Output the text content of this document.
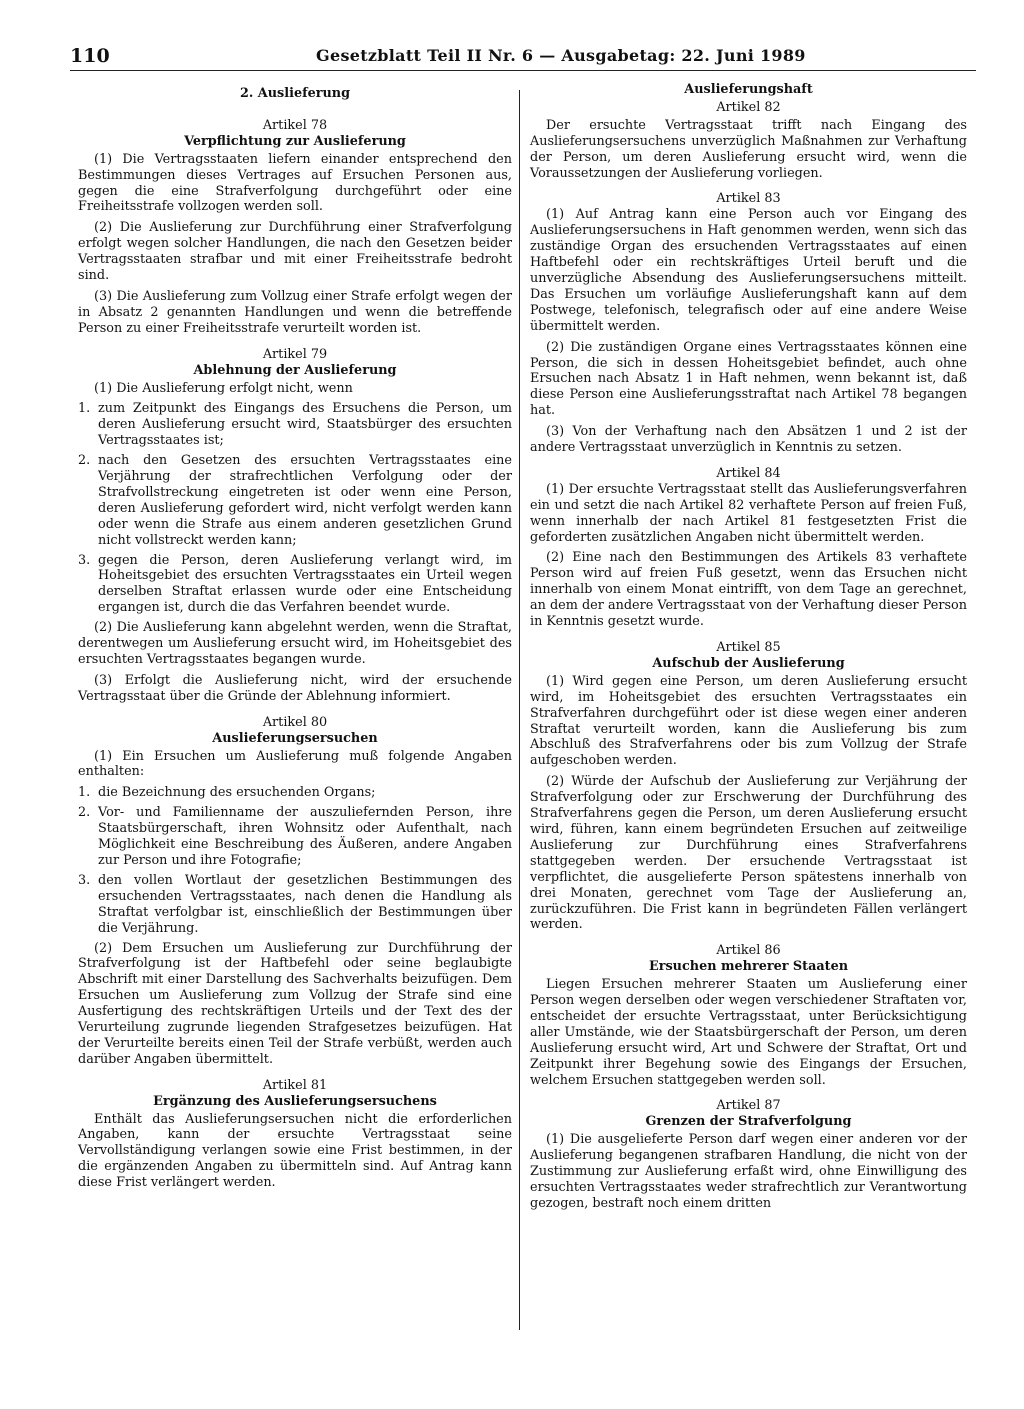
110	Gesetzblatt Teil II Nr. 6 — Ausgabetag: 22. Juni 1989

2. Auslieferung

Artikel 78

Verpflichtung zur Auslieferung

(1) Die Vertragsstaaten liefern einander entsprechend den Bestimmungen dieses Vertrages auf Ersuchen Personen aus, gegen die eine Strafverfolgung durchgeführt oder eine Freiheitsstrafe vollzogen werden soll.

(2) Die Auslieferung zur Durchführung einer Strafverfolgung erfolgt wegen solcher Handlungen, die nach den Gesetzen beider Vertragsstaaten strafbar und mit einer Freiheitsstrafe bedroht sind.

(3) Die Auslieferung zum Vollzug einer Strafe erfolgt wegen der in Absatz 2 genannten Handlungen und wenn die betreffende Person zu einer Freiheitsstrafe verurteilt worden ist.

Artikel 79

Ablehnung der Auslieferung

(1) Die Auslieferung erfolgt nicht, wenn

1. zum Zeitpunkt des Eingangs des Ersuchens die Person, um deren Auslieferung ersucht wird, Staatsbürger des ersuchten Vertragsstaates ist;
2. nach den Gesetzen des ersuchten Vertragsstaates eine Verjährung der strafrechtlichen Verfolgung oder der Strafvollstreckung eingetreten ist oder wenn eine Person, deren Auslieferung gefordert wird, nicht verfolgt werden kann oder wenn die Strafe aus einem anderen gesetzlichen Grund nicht vollstreckt werden kann;
3. gegen die Person, deren Auslieferung verlangt wird, im Hoheitsgebiet des ersuchten Vertragsstaates ein Urteil wegen derselben Straftat erlassen wurde oder eine Entscheidung ergangen ist, durch die das Verfahren beendet wurde.

(2) Die Auslieferung kann abgelehnt werden, wenn die Straftat, derentwegen um Auslieferung ersucht wird, im Hoheitsgebiet des ersuchten Vertragsstaates begangen wurde.

(3) Erfolgt die Auslieferung nicht, wird der ersuchende Vertragsstaat über die Gründe der Ablehnung informiert.

Artikel 80

Auslieferungsersuchen

(1) Ein Ersuchen um Auslieferung muß folgende Angaben enthalten:

1. die Bezeichnung des ersuchenden Organs;
2. Vor- und Familienname der auszuliefernden Person, ihre Staatsbürgerschaft, ihren Wohnsitz oder Aufenthalt, nach Möglichkeit eine Beschreibung des Äußeren, andere Angaben zur Person und ihre Fotografie;
3. den vollen Wortlaut der gesetzlichen Bestimmungen des ersuchenden Vertragsstaates, nach denen die Handlung als Straftat verfolgbar ist, einschließlich der Bestimmungen über die Verjährung.

(2) Dem Ersuchen um Auslieferung zur Durchführung der Strafverfolgung ist der Haftbefehl oder seine beglaubigte Abschrift mit einer Darstellung des Sachverhalts beizufügen. Dem Ersuchen um Auslieferung zum Vollzug der Strafe sind eine Ausfertigung des rechtskräftigen Urteils und der Text des der Verurteilung zugrunde liegenden Strafgesetzes beizufügen. Hat der Verurteilte bereits einen Teil der Strafe verbüßt, werden auch darüber Angaben übermittelt.

Artikel 81

Ergänzung des Auslieferungsersuchens

Enthält das Auslieferungsersuchen nicht die erforderlichen Angaben, kann der ersuchte Vertragsstaat seine Vervollständigung verlangen sowie eine Frist bestimmen, in der die ergänzenden Angaben zu übermitteln sind. Auf Antrag kann diese Frist verlängert werden.

Auslieferungshaft

Artikel 82

Der ersuchte Vertragsstaat trifft nach Eingang des Auslieferungsersuchens unverzüglich Maßnahmen zur Verhaftung der Person, um deren Auslieferung ersucht wird, wenn die Voraussetzungen der Auslieferung vorliegen.

Artikel 83

(1) Auf Antrag kann eine Person auch vor Eingang des Auslieferungsersuchens in Haft genommen werden, wenn sich das zuständige Organ des ersuchenden Vertragsstaates auf einen Haftbefehl oder ein rechtskräftiges Urteil beruft und die unverzügliche Absendung des Auslieferungsersuchens mitteilt. Das Ersuchen um vorläufige Auslieferungshaft kann auf dem Postwege, telefonisch, telegrafisch oder auf eine andere Weise übermittelt werden.

(2) Die zuständigen Organe eines Vertragsstaates können eine Person, die sich in dessen Hoheitsgebiet befindet, auch ohne Ersuchen nach Absatz 1 in Haft nehmen, wenn bekannt ist, daß diese Person eine Auslieferungsstraftat nach Artikel 78 begangen hat.

(3) Von der Verhaftung nach den Absätzen 1 und 2 ist der andere Vertragsstaat unverzüglich in Kenntnis zu setzen.

Artikel 84

(1) Der ersuchte Vertragsstaat stellt das Auslieferungsverfahren ein und setzt die nach Artikel 82 verhaftete Person auf freien Fuß, wenn innerhalb der nach Artikel 81 festgesetzten Frist die geforderten zusätzlichen Angaben nicht übermittelt werden.

(2) Eine nach den Bestimmungen des Artikels 83 verhaftete Person wird auf freien Fuß gesetzt, wenn das Ersuchen nicht innerhalb von einem Monat eintrifft, von dem Tage an gerechnet, an dem der andere Vertragsstaat von der Verhaftung dieser Person in Kenntnis gesetzt wurde.

Artikel 85

Aufschub der Auslieferung

(1) Wird gegen eine Person, um deren Auslieferung ersucht wird, im Hoheitsgebiet des ersuchten Vertragsstaates ein Strafverfahren durchgeführt oder ist diese wegen einer anderen Straftat verurteilt worden, kann die Auslieferung bis zum Abschluß des Strafverfahrens oder bis zum Vollzug der Strafe aufgeschoben werden.

(2) Würde der Aufschub der Auslieferung zur Verjährung der Strafverfolgung oder zur Erschwerung der Durchführung des Strafverfahrens gegen die Person, um deren Auslieferung ersucht wird, führen, kann einem begründeten Ersuchen auf zeitweilige Auslieferung zur Durchführung eines Strafverfahrens stattgegeben werden. Der ersuchende Vertragsstaat ist verpflichtet, die ausgelieferte Person spätestens innerhalb von drei Monaten, gerechnet vom Tage der Auslieferung an, zurückzuführen. Die Frist kann in begründeten Fällen verlängert werden.

Artikel 86

Ersuchen mehrerer Staaten

Liegen Ersuchen mehrerer Staaten um Auslieferung einer Person wegen derselben oder wegen verschiedener Straftaten vor, entscheidet der ersuchte Vertragsstaat, unter Berücksichtigung aller Umstände, wie der Staatsbürgerschaft der Person, um deren Auslieferung ersucht wird, Art und Schwere der Straftat, Ort und Zeitpunkt ihrer Begehung sowie des Eingangs der Ersuchen, welchem Ersuchen stattgegeben werden soll.

Artikel 87

Grenzen der Strafverfolgung

(1) Die ausgelieferte Person darf wegen einer anderen vor der Auslieferung begangenen strafbaren Handlung, die nicht von der Zustimmung zur Auslieferung erfaßt wird, ohne Einwilligung des ersuchten Vertragsstaates weder strafrechtlich zur Verantwortung gezogen, bestraft noch einem dritten
